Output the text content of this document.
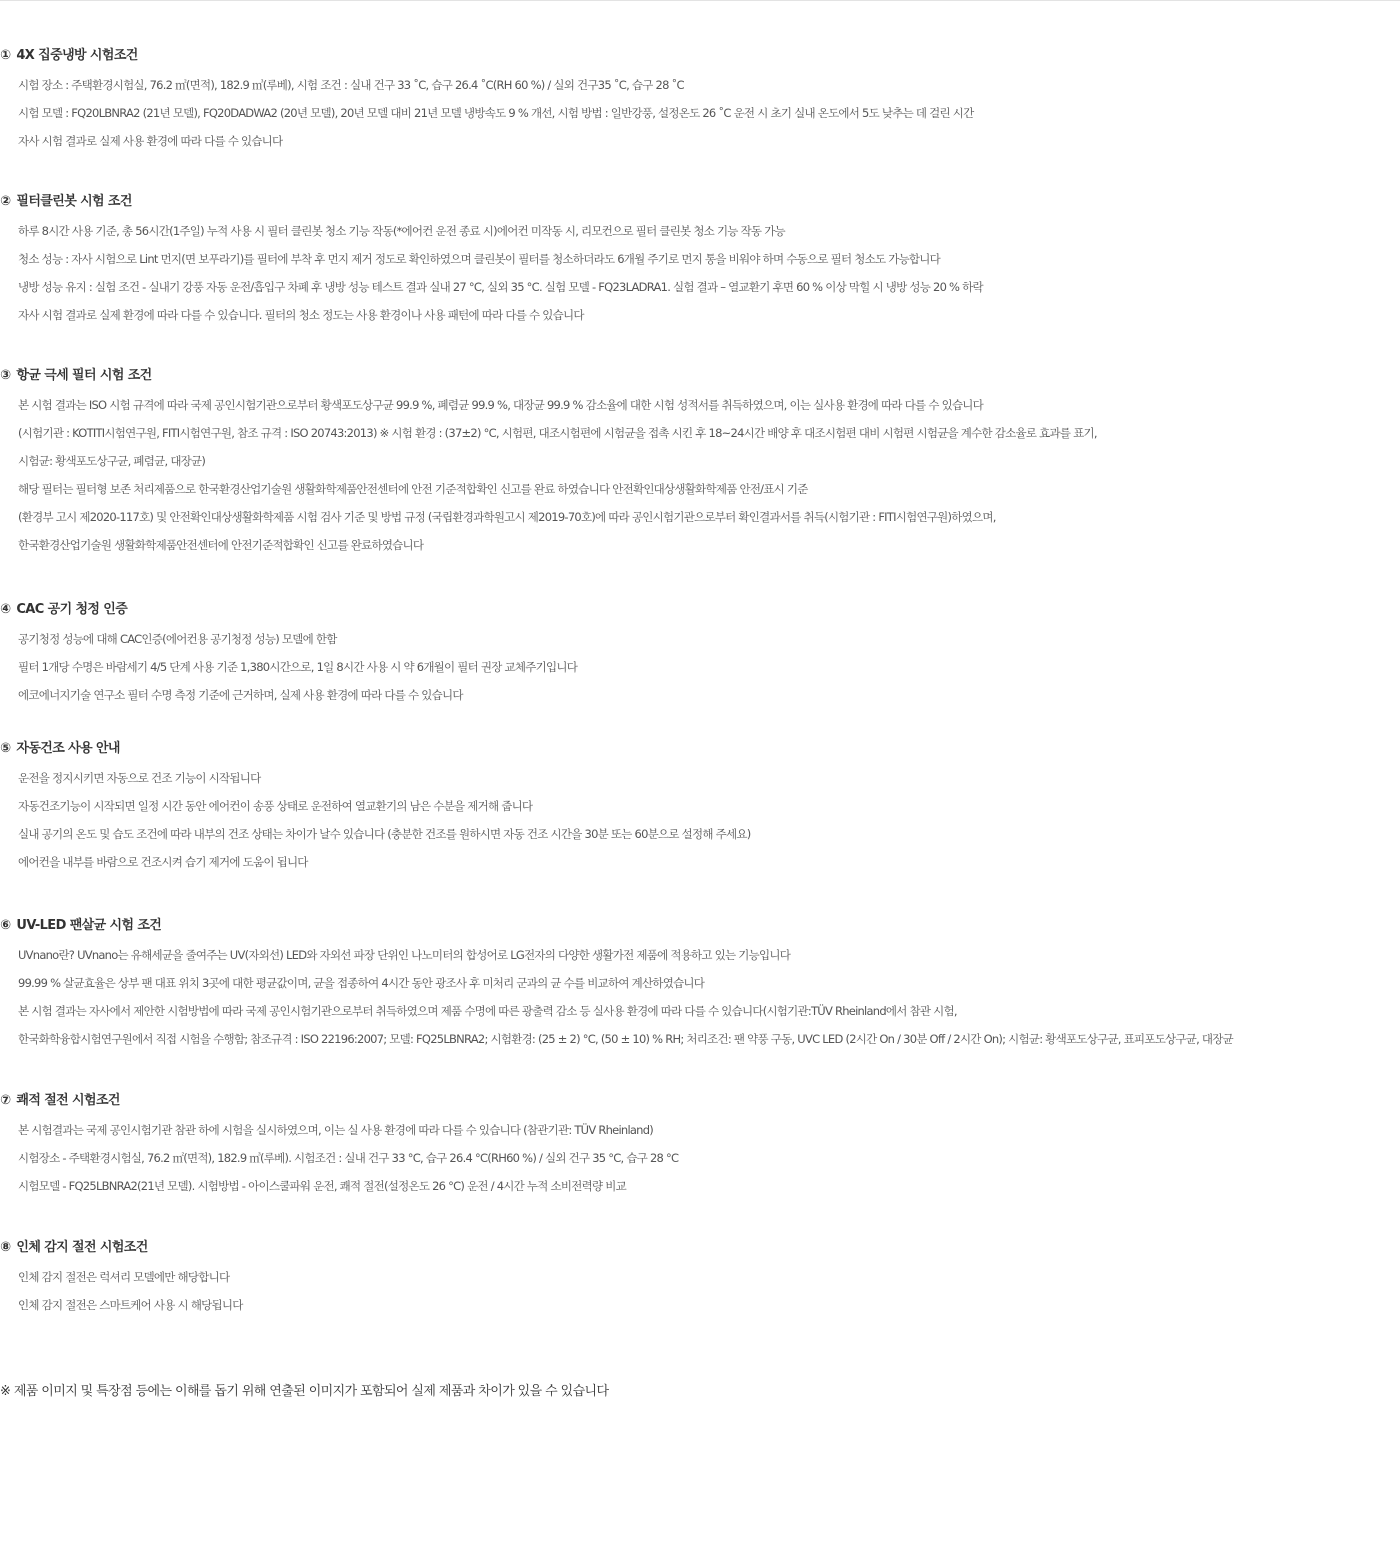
① 4X 집중냉방 시험조건
시험 장소 : 주택환경시험실, 76.2 ㎡(면적), 182.9 ㎥(루베), 시험 조건 : 실내 건구 33 ˚C, 습구 26.4 ˚C(RH 60 %) / 실외 건구35 ˚C, 습구 28 ˚C
시험 모델 : FQ20LBNRA2 (21년 모델), FQ20DADWA2 (20년 모델), 20년 모델 대비 21년 모델 냉방속도 9 % 개선, 시험 방법 : 일반강풍, 설정온도 26 ˚C 운전 시 초기 실내 온도에서 5도 낮추는 데 걸린 시간
자사 시험 결과로 실제 사용 환경에 따라 다를 수 있습니다
② 필터클린봇 시험 조건
하루 8시간 사용 기준, 총 56시간(1주일) 누적 사용 시 필터 클린봇 청소 기능 작동(*에어컨 운전 종료 시)에어컨 미작동 시, 리모컨으로 필터 클린봇 청소 기능 작동 가능
청소 성능 : 자사 시험으로 Lint 먼지(면 보푸라기)를 필터에 부착 후 먼지 제거 정도로 확인하였으며 클린봇이 필터를 청소하더라도 6개월 주기로 먼지 통을 비워야 하며 수동으로 필터 청소도 가능합니다
냉방 성능 유지 : 실험 조건 - 실내기 강풍 자동 운전/흡입구 차폐 후 냉방 성능 테스트 결과 실내 27 °C, 실외 35 °C. 실험 모델 - FQ23LADRA1. 실험 결과 – 열교환기 후면 60 % 이상 막힐 시 냉방 성능 20 % 하락
자사 시험 결과로 실제 환경에 따라 다를 수 있습니다. 필터의 청소 정도는 사용 환경이나 사용 패턴에 따라 다를 수 있습니다
③ 항균 극세 필터 시험 조건
본 시험 결과는 ISO 시험 규격에 따라 국제 공인시험기관으로부터 황색포도상구균 99.9 %, 폐렴균 99.9 %, 대장균 99.9 % 감소율에 대한 시험 성적서를 취득하였으며, 이는 실사용 환경에 따라 다를 수 있습니다
(시험기관 : KOTITI시험연구원, FITI시험연구원, 참조 규격 : ISO 20743:2013) ※ 시험 환경 : (37±2) °C, 시험편, 대조시험편에 시험균을 접촉 시킨 후 18~24시간 배양 후 대조시험편 대비 시험편 시험균을 계수한 감소율로 효과를 표기,
시험균: 황색포도상구균, 폐렴균, 대장균)
해당 필터는 필터형 보존 처리제품으로 한국환경산업기술원 생활화학제품안전센터에 안전 기준적합확인 신고를 완료 하였습니다 안전확인대상생활화학제품 안전/표시 기준
(환경부 고시 제2020-117호) 및 안전확인대상생활화학제품 시험 검사 기준 및 방법 규정 (국립환경과학원고시 제2019-70호)에 따라 공인시험기관으로부터 확인결과서를 취득(시험기관 : FITI시험연구원)하였으며,
한국환경산업기술원 생활화학제품안전센터에 안전기준적합확인 신고를 완료하였습니다
④ CAC 공기 청정 인증
공기청정 성능에 대해 CAC인증(에어컨용 공기청정 성능) 모델에 한함
필터 1개당 수명은 바람세기 4/5 단계 사용 기준 1,380시간으로, 1일 8시간 사용 시 약 6개월이 필터 권장 교체주기입니다
에코에너지기술 연구소 필터 수명 측정 기준에 근거하며, 실제 사용 환경에 따라 다를 수 있습니다
⑤ 자동건조 사용 안내
운전을 정지시키면 자동으로 건조 기능이 시작됩니다
자동건조기능이 시작되면 일정 시간 동안 에어컨이 송풍 상태로 운전하여 열교환기의 남은 수분을 제거해 줍니다
실내 공기의 온도 및 습도 조건에 따라 내부의 건조 상태는 차이가 날수 있습니다 (충분한 건조를 원하시면 자동 건조 시간을 30분 또는 60분으로 설정해 주세요)
에어컨을 내부를 바람으로 건조시켜 습기 제거에 도움이 됩니다
⑥ UV-LED 팬살균 시험 조건
UVnano란? UVnano는 유해세균을 줄여주는 UV(자외선) LED와 자외선 파장 단위인 나노미터의 합성어로 LG전자의 다양한 생활가전 제품에 적용하고 있는 기능입니다
99.99 % 살균효율은 상부 팬 대표 위치 3곳에 대한 평균값이며, 균을 접종하여 4시간 동안 광조사 후 미처리 군과의 균 수를 비교하여 계산하였습니다
본 시험 결과는 자사에서 제안한 시험방법에 따라 국제 공인시험기관으로부터 취득하였으며 제품 수명에 따른 광출력 감소 등 실사용 환경에 따라 다를 수 있습니다(시험기관:TÜV Rheinland에서 참관 시험,
한국화학융합시험연구원에서 직접 시험을 수행함; 참조규격 : ISO 22196:2007; 모델: FQ25LBNRA2; 시험환경: (25 ± 2) °C, (50 ± 10) % RH; 처리조건: 팬 약풍 구동, UVC LED (2시간 On / 30분 Off / 2시간 On); 시험균: 황색포도상구균, 표피포도상구균, 대장균
⑦ 쾌적 절전 시험조건
본 시험결과는 국제 공인시험기관 참관 하에 시험을 실시하였으며, 이는 실 사용 환경에 따라 다를 수 있습니다 (참관기관: TÜV Rheinland)
시험장소 - 주택환경시험실, 76.2 ㎡(면적), 182.9 ㎥(루베). 시험조건 : 실내 건구 33 °C, 습구 26.4 °C(RH60 %) / 실외 건구 35 °C, 습구 28 °C
시험모델 - FQ25LBNRA2(21년 모델). 시험방법 - 아이스쿨파워 운전, 쾌적 절전(설정온도 26 °C) 운전 / 4시간 누적 소비전력량 비교
⑧ 인체 감지 절전 시험조건
인체 감지 절전은 럭셔리 모델에만 해당합니다
인체 감지 절전은 스마트케어 사용 시 해당됩니다

※ 제품 이미지 및 특장점 등에는 이해를 돕기 위해 연출된 이미지가 포함되어 실제 제품과 차이가 있을 수 있습니다
